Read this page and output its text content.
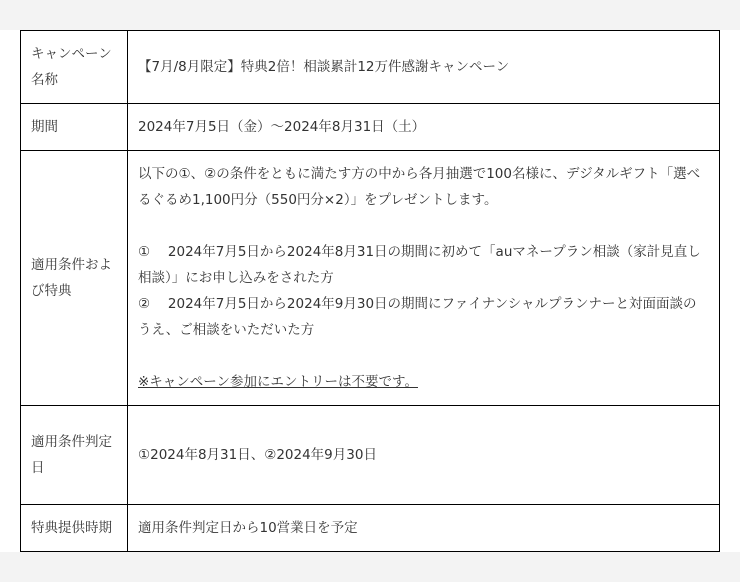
キャンペーン名称	【7月/8月限定】特典2倍！相談累計12万件感謝キャンペーン
期間	2024年7月5日（金）〜2024年8月31日（土）
適用条件および特典	以下の①、②の条件をともに満たす方の中から各月抽選で100名様に、デジタルギフト「選べるぐるめ1,100円分（550円分×2）」をプレゼントします。
①　 2024年7月5日から2024年8月31日の期間に初めて「auマネープラン相談（家計見直し相談）」にお申し込みをされた方
②　 2024年7月5日から2024年9月30日の期間にファイナンシャルプランナーと対面面談のうえ、ご相談をいただいた方
※キャンペーン参加にエントリーは不要です。

適用条件判定日	①2024年8月31日、②2024年9月30日
特典提供時期	適用条件判定日から10営業日を予定
